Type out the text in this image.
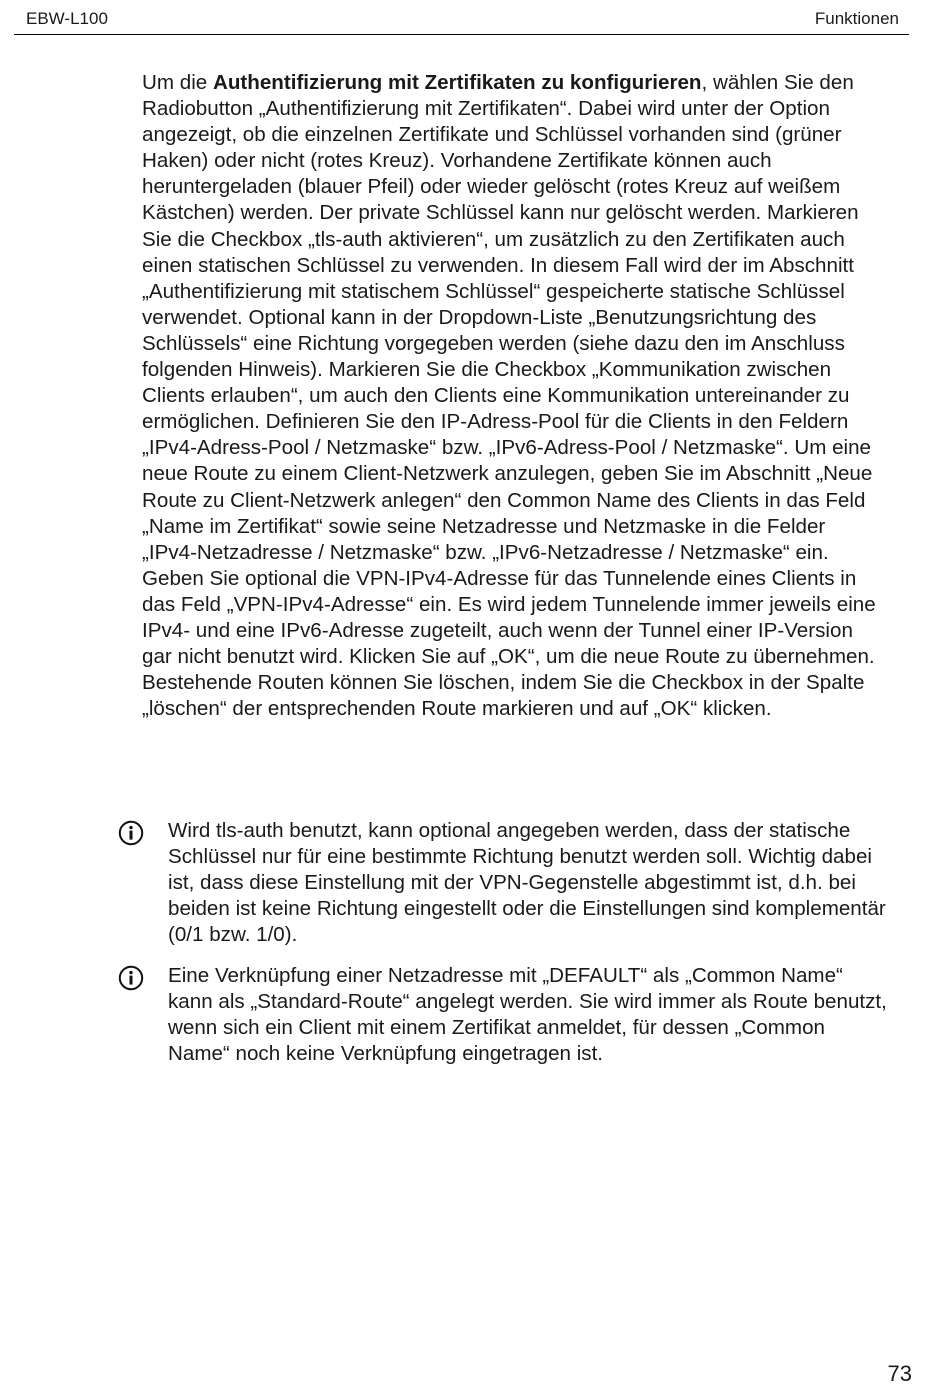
EBW-L100	Funktionen

Um die Authentifizierung mit Zertifikaten zu konfigurieren, wählen Sie den Radiobutton „Authentifizierung mit Zertifikaten“. Dabei wird unter der Option angezeigt, ob die einzelnen Zertifikate und Schlüssel vorhanden sind (grüner Haken) oder nicht (rotes Kreuz). Vorhandene Zertifikate können auch heruntergeladen (blauer Pfeil) oder wieder gelöscht (rotes Kreuz auf weißem Kästchen) werden. Der private Schlüssel kann nur gelöscht werden. Markieren Sie die Checkbox „tls-auth aktivieren“, um zusätzlich zu den Zertifikaten auch einen statischen Schlüssel zu verwenden. In diesem Fall wird der im Abschnitt „Authentifizierung mit statischem Schlüssel“ gespeicherte statische Schlüssel verwendet. Optional kann in der Dropdown-Liste „Benutzungsrichtung des Schlüssels“ eine Richtung vorgegeben werden (siehe dazu den im Anschluss folgenden Hinweis). Markieren Sie die Checkbox „Kommunikation zwischen Clients erlauben“, um auch den Clients eine Kommunikation untereinander zu ermöglichen. Definieren Sie den IP-Adress-Pool für die Clients in den Feldern „IPv4-Adress-Pool / Netzmaske“ bzw. „IPv6-Adress-Pool / Netzmaske“. Um eine neue Route zu einem Client-Netzwerk anzulegen, geben Sie im Abschnitt „Neue Route zu Client-Netzwerk anlegen“ den Common Name des Clients in das Feld „Name im Zertifikat“ sowie seine Netzadresse und Netzmaske in die Felder „IPv4-Netzadresse / Netzmaske“ bzw. „IPv6-Netzadresse / Netzmaske“ ein. Geben Sie optional die VPN-IPv4-Adresse für das Tunnelende eines Clients in das Feld „VPN-IPv4-Adresse“ ein. Es wird jedem Tunnelende immer jeweils eine IPv4- und eine IPv6-Adresse zugeteilt, auch wenn der Tunnel einer IP-Version gar nicht benutzt wird. Klicken Sie auf „OK“, um die neue Route zu übernehmen. Bestehende Routen können Sie löschen, indem Sie die Checkbox in der Spalte „löschen“ der entsprechenden Route markieren und auf „OK“ klicken.

Wird tls-auth benutzt, kann optional angegeben werden, dass der statische Schlüssel nur für eine bestimmte Richtung benutzt werden soll. Wichtig dabei ist, dass diese Einstellung mit der VPN-Gegenstelle abgestimmt ist, d.h. bei beiden ist keine Richtung eingestellt oder die Einstellungen sind komplementär (0/1 bzw. 1/0).

Eine Verknüpfung einer Netzadresse mit „DEFAULT“ als „Common Name“ kann als „Standard-Route“ angelegt werden. Sie wird immer als Route benutzt, wenn sich ein Client mit einem Zertifikat anmeldet, für dessen „Common Name“ noch keine Verknüpfung eingetragen ist.

73
